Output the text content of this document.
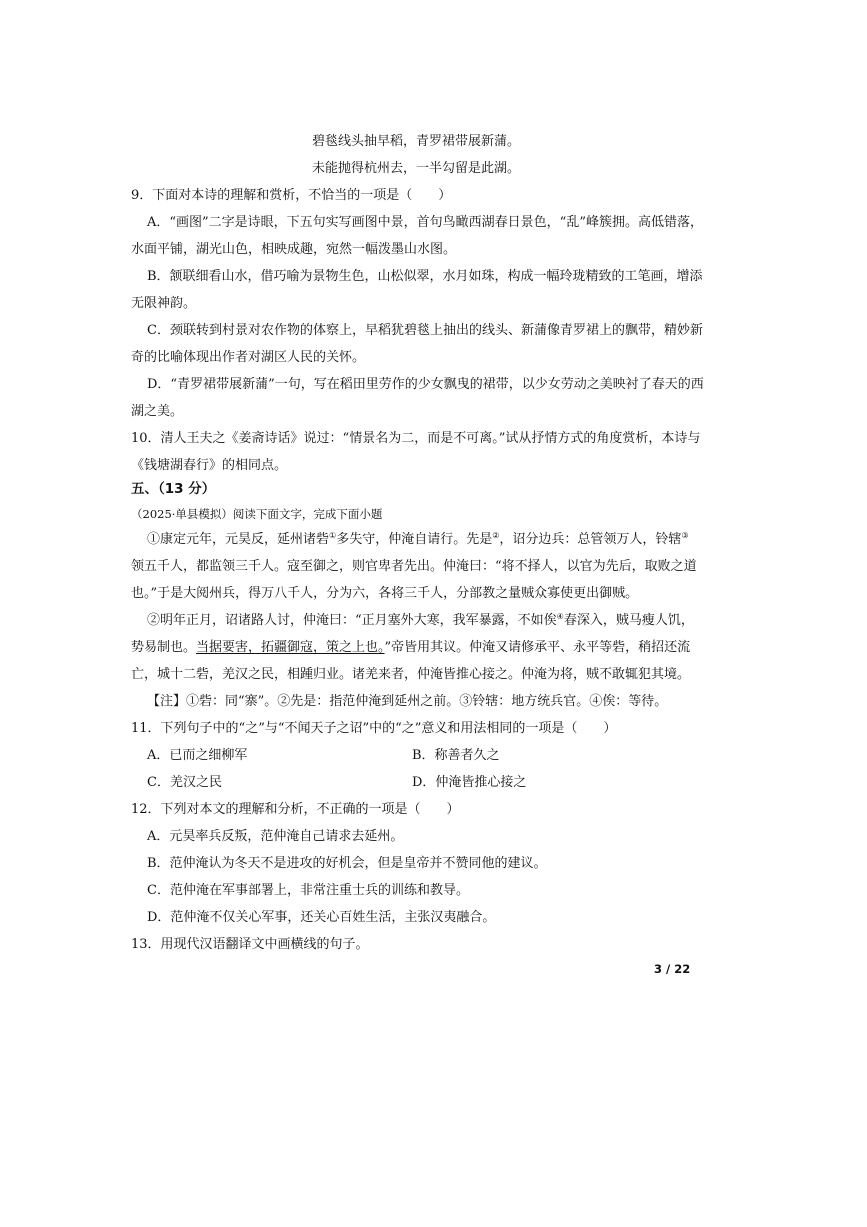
碧毯线头抽早稻，青罗裙带展新蒲。
未能抛得杭州去，一半勾留是此湖。
9．下面对本诗的理解和赏析，不恰当的一项是（　　）
A．“画图”二字是诗眼，下五句实写画图中景，首句鸟瞰西湖春日景色，“乱”峰簇拥。高低错落，
水面平铺，湖光山色，相映成趣，宛然一幅泼墨山水图。
B．颔联细看山水，借巧喻为景物生色，山松似翠，水月如珠，构成一幅玲珑精致的工笔画，增添
无限神韵。
C．颈联转到村景对农作物的体察上，早稻犹碧毯上抽出的线头、新蒲像青罗裙上的飘带，精妙新
奇的比喻体现出作者对湖区人民的关怀。
D．“青罗裙带展新蒲”一句，写在稻田里劳作的少女飘曳的裙带，以少女劳动之美映衬了春天的西
湖之美。
10．清人王夫之《姜斋诗话》说过：“情景名为二，而是不可离。”试从抒情方式的角度赏析，本诗与
《钱塘湖春行》的相同点。
五、（13 分）
（2025·单县模拟）阅读下面文字，完成下面小题
①康定元年，元昊反，延州诸砦①多失守，仲淹自请行。先是②，诏分边兵：总管领万人，铃辖③
领五千人，都监领三千人。寇至御之，则官卑者先出。仲淹曰：“将不择人，以官为先后，取败之道
也。”于是大阅州兵，得万八千人，分为六，各将三千人，分部教之量贼众寡使更出御贼。
②明年正月，诏诸路人讨，仲淹曰：“正月塞外大寒，我军暴露，不如俟④春深入，贼马瘦人饥，
势易制也。当据要害，拓疆御寇，策之上也。”帝皆用其议。仲淹又请修承平、永平等砦，稍招还流
亡，城十二砦，羌汉之民，相踵归业。诸羌来者，仲淹皆推心接之。仲淹为将，贼不敢辄犯其境。
【注】①砦：同“寨”。②先是：指范仲淹到延州之前。③铃辖：地方统兵官。④俟：等待。
11．下列句子中的“之”与“不闻天子之诏”中的“之”意义和用法相同的一项是（　　）
A．已而之细柳军	B．称善者久之
C．羌汉之民	D．仲淹皆推心接之
12．下列对本文的理解和分析，不正确的一项是（　　）
A．元昊率兵反叛，范仲淹自己请求去延州。
B．范仲淹认为冬天不是进攻的好机会，但是皇帝并不赞同他的建议。
C．范仲淹在军事部署上，非常注重士兵的训练和教导。
D．范仲淹不仅关心军事，还关心百姓生活，主张汉夷融合。
13．用现代汉语翻译文中画横线的句子。
3 / 22
